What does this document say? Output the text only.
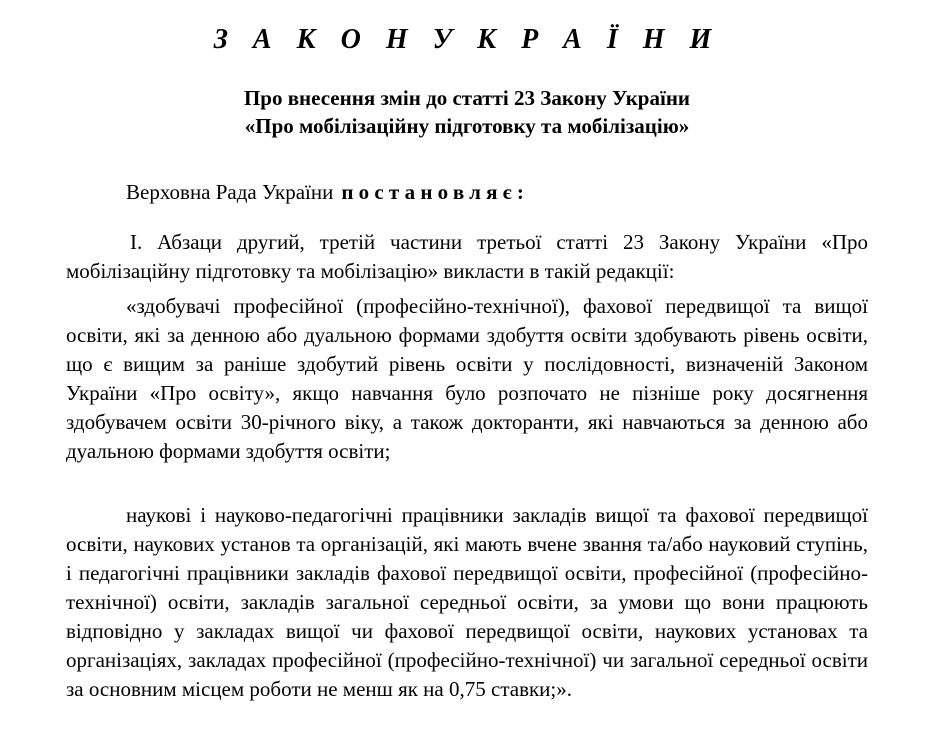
З А К О Н У К Р А Ї Н И
Про внесення змін до статті 23 Закону України
«Про мобілізаційну підготовку та мобілізацію»

Верховна Рада України постановляє:

I. Абзаци другий, третій частини третьої статті 23 Закону України «Про мобілізаційну підготовку та мобілізацію» викласти в такій редакції:

«здобувачі професійної (професійно-технічної), фахової передвищої та вищої освіти, які за денною або дуальною формами здобуття освіти здобувають рівень освіти, що є вищим за раніше здобутий рівень освіти у послідовності, визначеній Законом України «Про освіту», якщо навчання було розпочато не пізніше року досягнення здобувачем освіти 30-річного віку, а також докторанти, які навчаються за денною або дуальною формами здобуття освіти;

наукові і науково-педагогічні працівники закладів вищої та фахової передвищої освіти, наукових установ та організацій, які мають вчене звання та/або науковий ступінь, і педагогічні працівники закладів фахової передвищої освіти, професійної (професійно-технічної) освіти, закладів загальної середньої освіти, за умови що вони працюють відповідно у закладах вищої чи фахової передвищої освіти, наукових установах та організаціях, закладах професійної (професійно-технічної) чи загальної середньої освіти за основним місцем роботи не менш як на 0,75 ставки;».
